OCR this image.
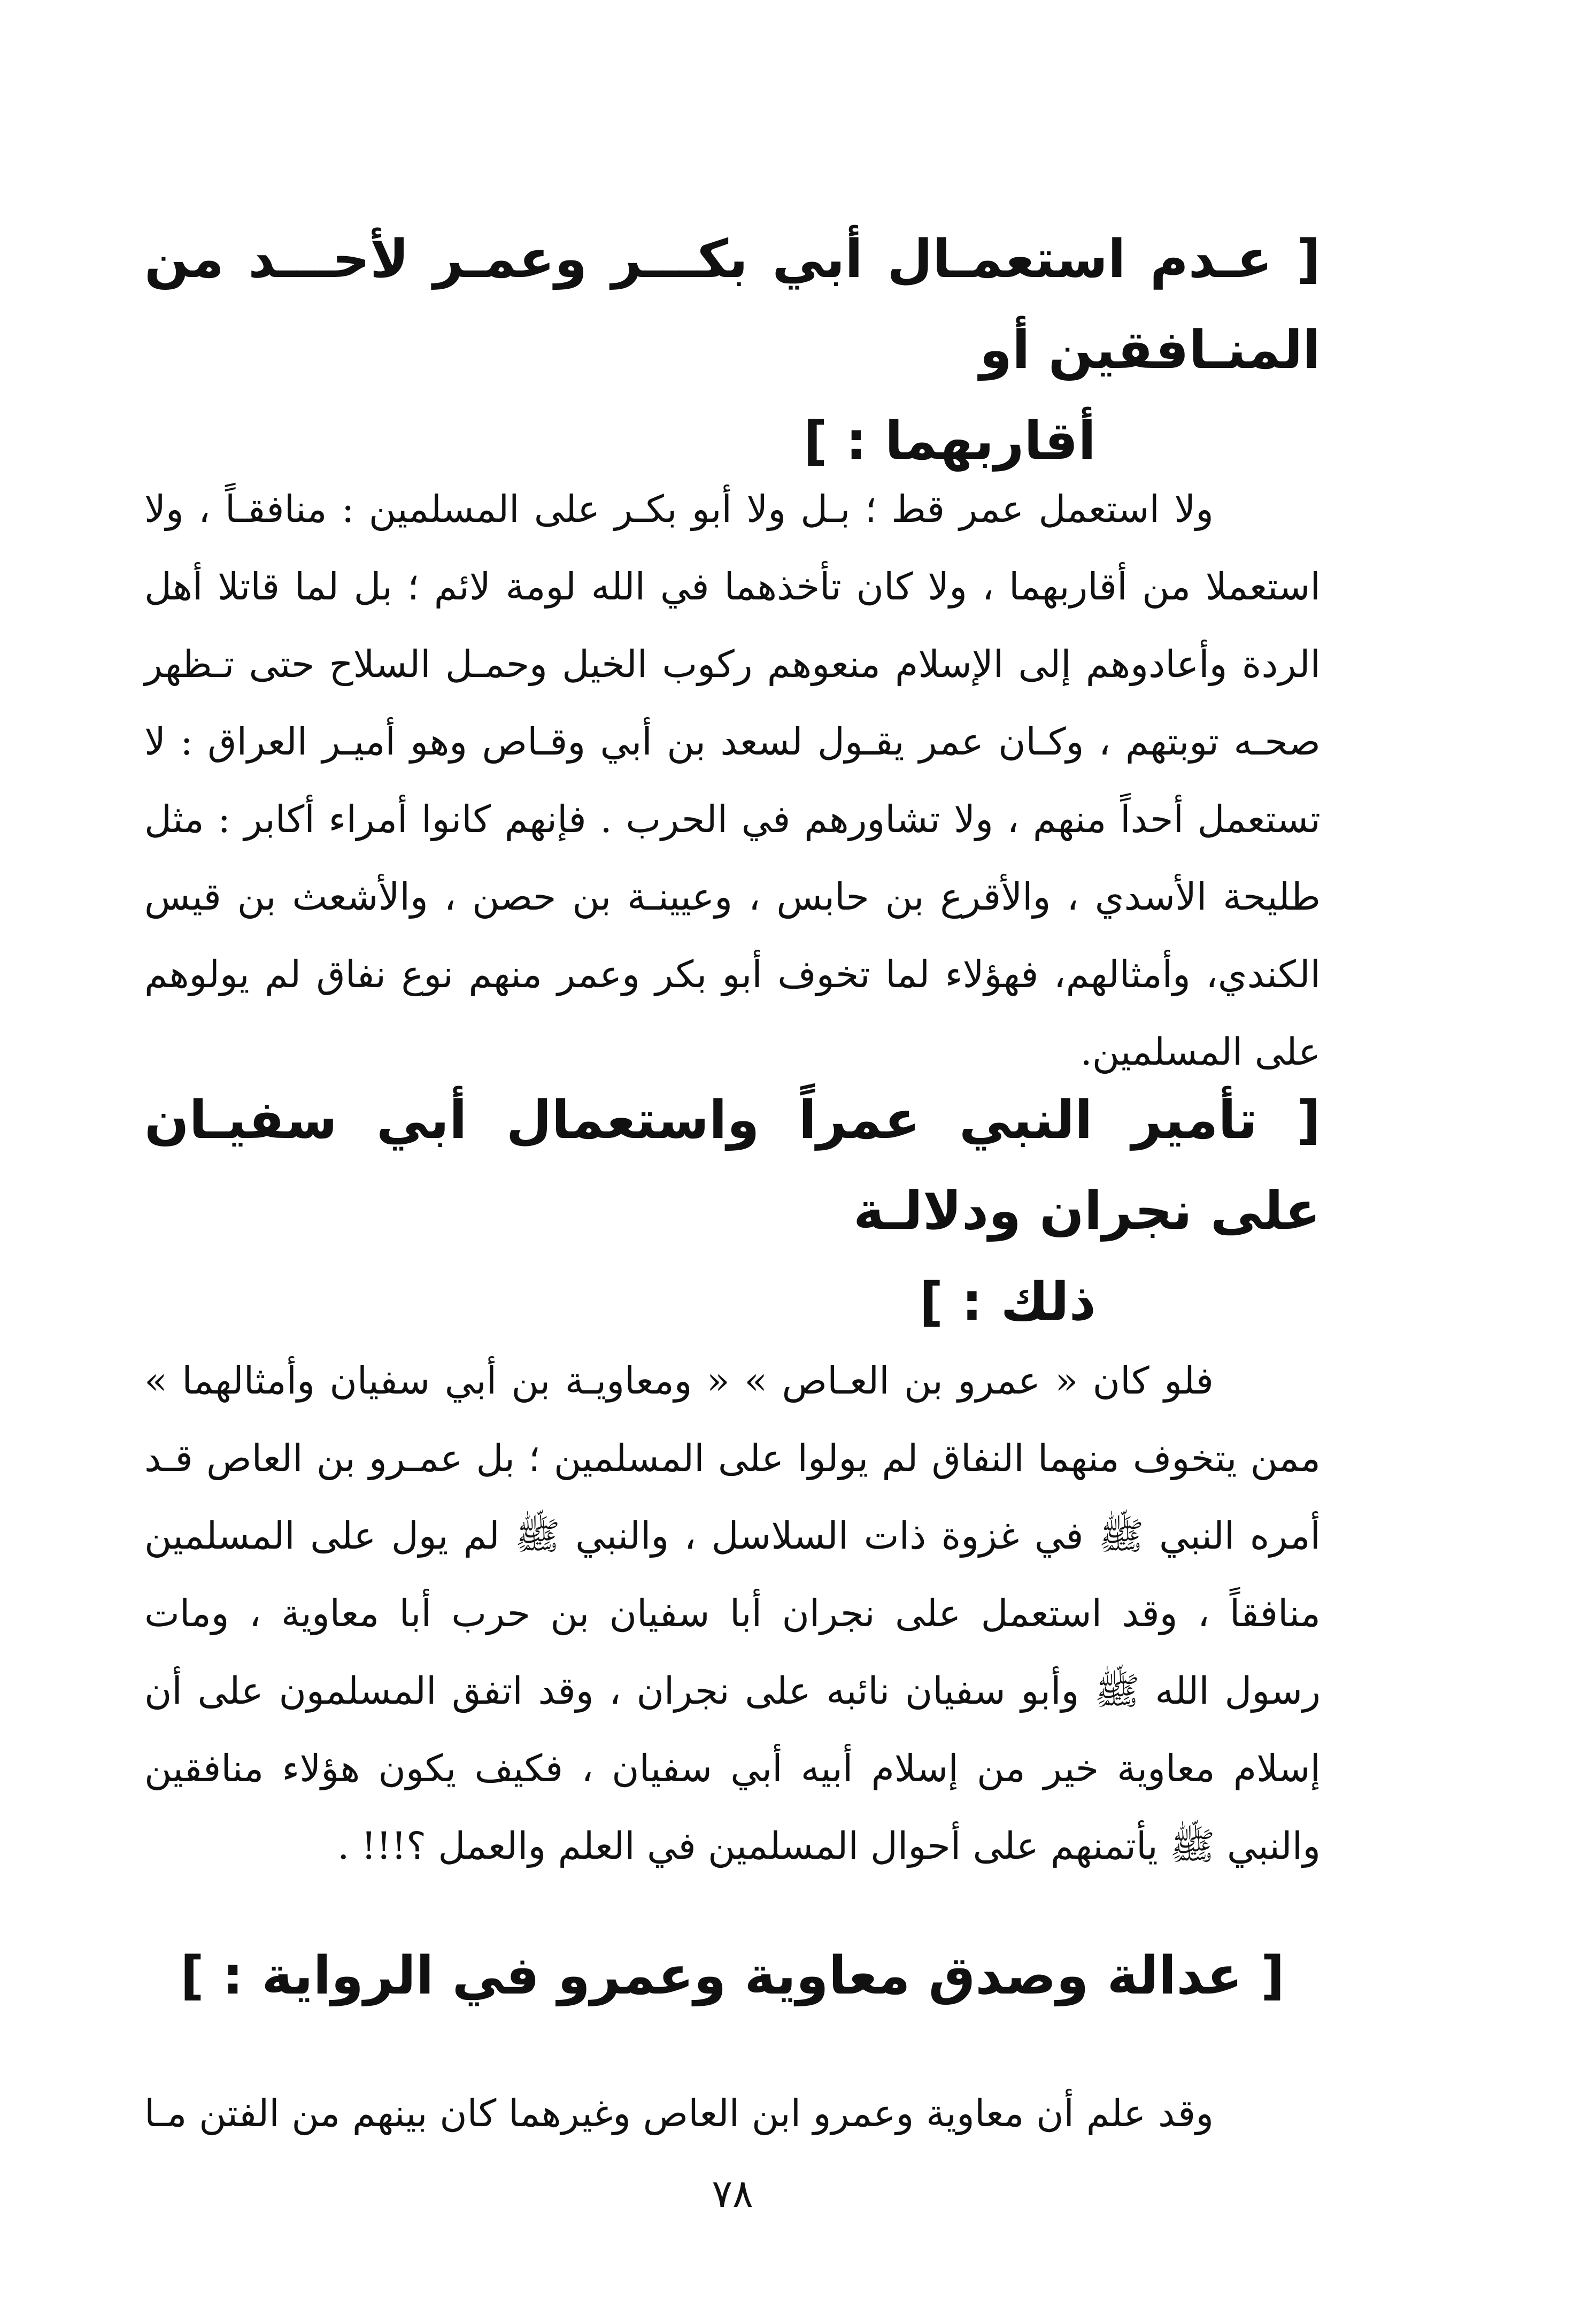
[ عـدم استعمـال أبي بكـــر وعمـر لأحـــد من المنـافقين أو
أقاربهما : ]

ولا استعمل عمر قط ؛ بـل ولا أبو بكـر على المسلمين : منافقـاً ، ولا استعملا من أقاربهما ، ولا كان تأخذهما في الله لومة لائم ؛ بل لما قاتلا أهل الردة وأعادوهم إلى الإسلام منعوهم ركوب الخيل وحمـل السلاح حتى تـظهر صحـه توبتهم ، وكـان عمر يقـول لسعد بن أبي وقـاص وهو أميـر العراق : لا تستعمل أحداً منهم ، ولا تشاورهم في الحرب . فإنهم كانوا أمراء أكابر : مثل طليحة الأسدي ، والأقرع بن حابس ، وعيينـة بن حصن ، والأشعث بن قيس الكندي، وأمثالهم، فهؤلاء لما تخوف أبو بكر وعمر منهم نوع نفاق لم يولوهم على المسلمين.

[ تأمير النبي عمراً واستعمال أبي سفيـان على نجران ودلالـة
ذلك : ]

فلو كان « عمرو بن العـاص » « ومعاويـة بن أبي سفيان وأمثالهما » ممن يتخوف منهما النفاق لم يولوا على المسلمين ؛ بل عمـرو بن العاص قـد أمره النبي ﷺ في غزوة ذات السلاسل ، والنبي ﷺ لم يول على المسلمين منافقاً ، وقد استعمل على نجران أبا سفيان بن حرب أبا معاوية ، ومات رسول الله ﷺ وأبو سفيان نائبه على نجران ، وقد اتفق المسلمون على أن إسلام معاوية خير من إسلام أبيه أبي سفيان ، فكيف يكون هؤلاء منافقين والنبي ﷺ يأتمنهم على أحوال المسلمين في العلم والعمل ؟!!! .

[ عدالة وصدق معاوية وعمرو في الرواية : ]

وقد علم أن معاوية وعمرو ابن العاص وغيرهما كان بينهم من الفتن مـا

٧٨
